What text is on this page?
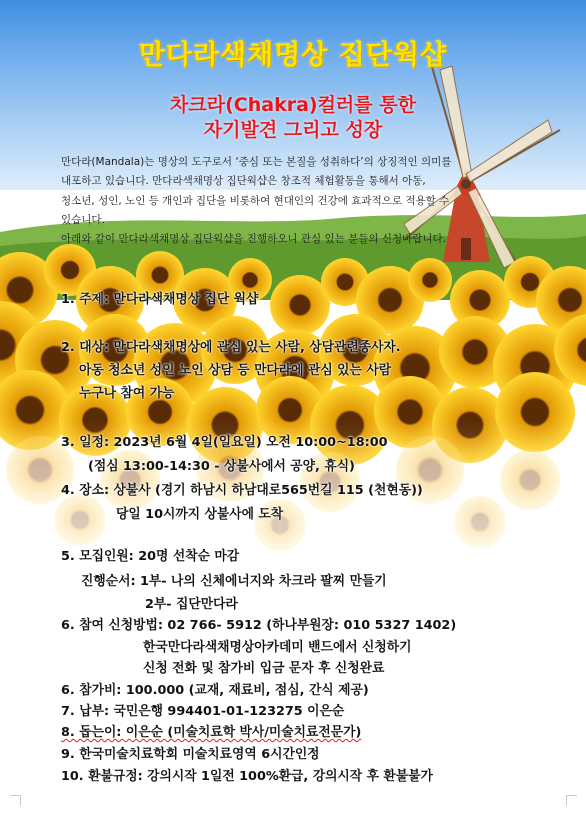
만다라색채명상 집단웍샵
차크라(Chakra)컬러를 통한
자기발견 그리고 성장

만다라(Mandala)는 명상의 도구로서 ‘중심 또는 본질을 성취하다’의 상징적인 의미를

내포하고 있습니다. 만다라색채명상 집단웍샵은 창조적 체험활동을 통해서 아동,

청소년, 성인, 노인 등 개인과 집단을 비롯하여 현대인의 건강에 효과적으로 적용할 수

있습니다.

아래와 같이 만다라색채명상 집단웍샵을 진행하오니 관심 있는 분들의 신청바랍니다.

1. 주제: 만다라색채명상 집단 웍샵
2. 대상: 만다라색채명상에 관심 있는 사람, 상담관련종사자.
아동 청소년 성인 노인 상담 등 만다라에 관심 있는 사람
누구나 참여 가능
3. 일정: 2023년 6월 4일(일요일) 오전 10:00~18:00
(점심 13:00-14:30 - 상불사에서 공양, 휴식)
4. 장소: 상불사 (경기 하남시 하남대로565번길 115 (천현동))
당일 10시까지 상불사에 도착
5. 모집인원: 20명 선착순 마감
진행순서: 1부- 나의 신체에너지와 차크라 팔찌 만들기
2부- 집단만다라
6. 참여 신청방법: 02 766- 5912 (하나부원장: 010 5327 1402)
한국만다라색채명상아카데미 밴드에서 신청하기
신청 전화 및 참가비 입금 문자 후 신청완료
6. 참가비: 100.000 (교재, 재료비, 점심, 간식 제공)
7. 납부: 국민은행 994401-01-123275 이은순
8. 돕는이: 이은순 (미술치료학 박사/미술치료전문가)
9. 한국미술치료학회 미술치료영역 6시간인정
10. 환불규정: 강의시작 1일전 100%환급, 강의시작 후 환불불가
